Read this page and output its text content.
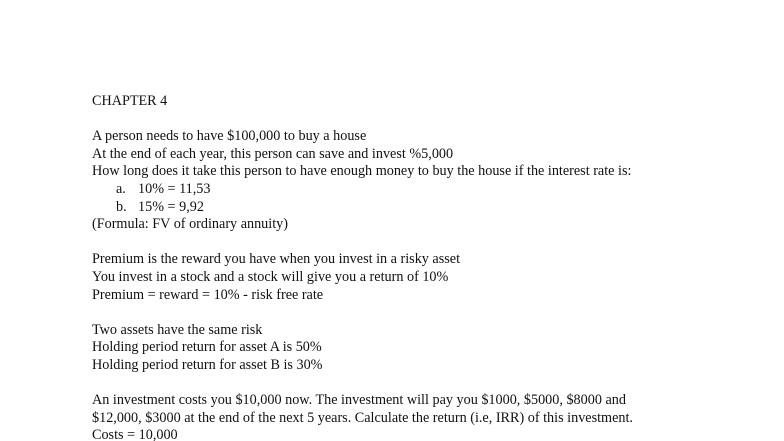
CHAPTER 4
A person needs to have $100,000 to buy a house
At the end of each year, this person can save and invest %5,000
How long does it take this person to have enough money to buy the house if the interest rate is:
a. 10% = 11,53
b. 15% = 9,92
(Formula: FV of ordinary annuity)
Premium is the reward you have when you invest in a risky asset
You invest in a stock and a stock will give you a return of 10%
Premium = reward = 10% - risk free rate
Two assets have the same risk
Holding period return for asset A is 50%
Holding period return for asset B is 30%
An investment costs you $10,000 now. The investment will pay you $1000, $5000, $8000 and
$12,000, $3000 at the end of the next 5 years. Calculate the return (i.e, IRR) of this investment.
Costs = 10,000
